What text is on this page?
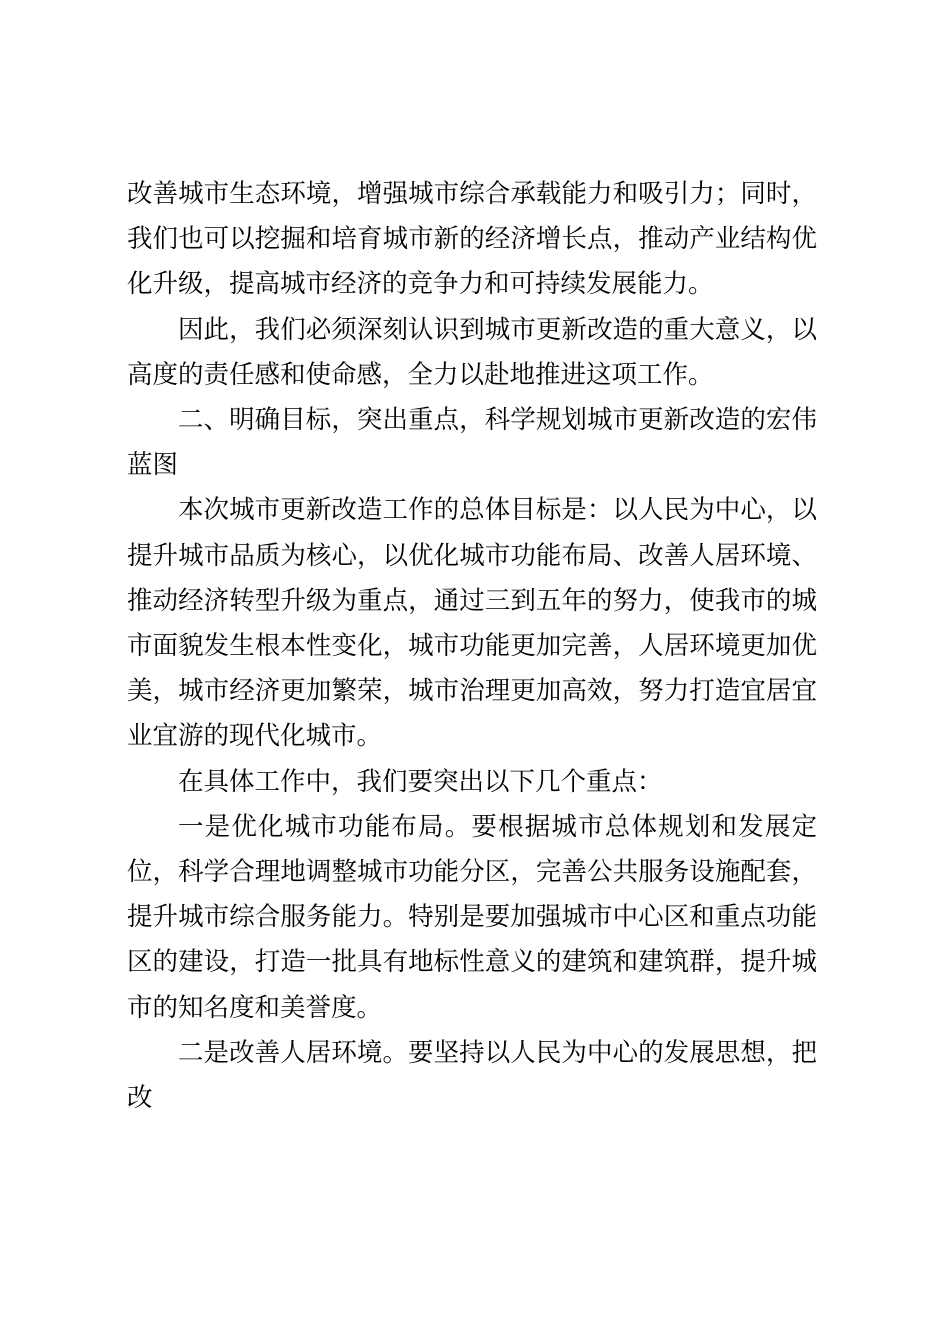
改善城市生态环境，增强城市综合承载能力和吸引力；同时，我们也可以挖掘和培育城市新的经济增长点，推动产业结构优化升级，提高城市经济的竞争力和可持续发展能力。

因此，我们必须深刻认识到城市更新改造的重大意义，以高度的责任感和使命感，全力以赴地推进这项工作。

二、明确目标，突出重点，科学规划城市更新改造的宏伟蓝图

本次城市更新改造工作的总体目标是：以人民为中心，以提升城市品质为核心，以优化城市功能布局、改善人居环境、推动经济转型升级为重点，通过三到五年的努力，使我市的城市面貌发生根本性变化，城市功能更加完善，人居环境更加优美，城市经济更加繁荣，城市治理更加高效，努力打造宜居宜业宜游的现代化城市。

在具体工作中，我们要突出以下几个重点：

一是优化城市功能布局。要根据城市总体规划和发展定位，科学合理地调整城市功能分区，完善公共服务设施配套，提升城市综合服务能力。特别是要加强城市中心区和重点功能区的建设，打造一批具有地标性意义的建筑和建筑群，提升城市的知名度和美誉度。

二是改善人居环境。要坚持以人民为中心的发展思想，把改
